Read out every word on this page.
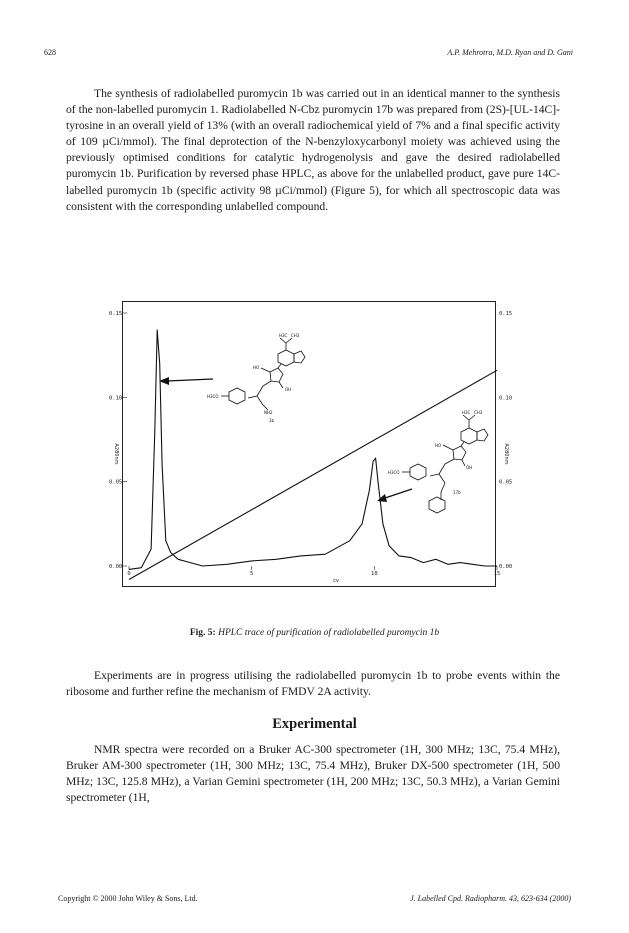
628	A.P. Mehrotra, M.D. Ryan and D. Gani

The synthesis of radiolabelled puromycin 1b was carried out in an identical manner to the synthesis of the non-labelled puromycin 1. Radiolabelled N-Cbz puromycin 17b was prepared from (2S)-[UL-14C]-tyrosine in an overall yield of 13% (with an overall radiochemical yield of 7% and a final specific activity of 109 µCi/mmol). The final deprotection of the N-benzyloxycarbonyl moiety was achieved using the previously optimised conditions for catalytic hydrogenolysis and gave the desired radiolabelled puromycin 1b. Purification by reversed phase HPLC, as above for the unlabelled product, gave pure 14C-labelled puromycin 1b (specific activity 98 µCi/mmol) (Figure 5), for which all spectroscopic data was consistent with the corresponding unlabelled compound.

0.00	0.00
0.05	0.05
0.10	0.10
0.15	0.15
0	5	10	15
cv
A280nm	A280nm
H3C CH3
HO
OH
H3CO
NH2
1b
H3C CH3
HO
OH
H3CO
17b
Fig. 5: HPLC trace of purification of radiolabelled puromycin 1b

Experiments are in progress utilising the radiolabelled puromycin 1b to probe events within the ribosome and further refine the mechanism of FMDV 2A activity.

Experimental

NMR spectra were recorded on a Bruker AC-300 spectrometer (1H, 300 MHz; 13C, 75.4 MHz), Bruker AM-300 spectrometer (1H, 300 MHz; 13C, 75.4 MHz), Bruker DX-500 spectrometer (1H, 500 MHz; 13C, 125.8 MHz), a Varian Gemini spectrometer (1H, 200 MHz; 13C, 50.3 MHz), a Varian Gemini spectrometer (1H,

Copyright © 2000 John Wiley & Sons, Ltd.	J. Labelled Cpd. Radiopharm. 43, 623-634 (2000)
